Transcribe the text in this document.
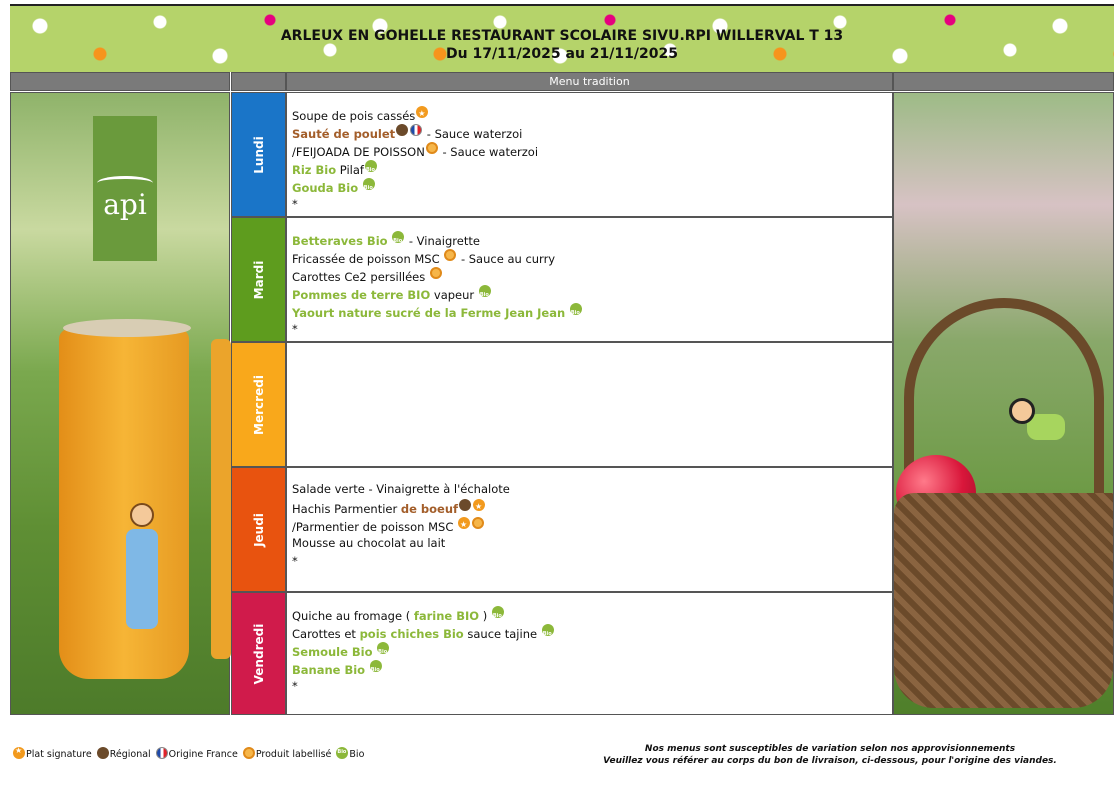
ARLEUX EN GOHELLE RESTAURANT SCOLAIRE SIVU.RPI WILLERVAL T 13
Du 17/11/2025 au 21/11/2025
Menu tradition
api
Lundi
Soupe de pois cassés★
Sauté de poulet - Sauce waterzoi
/FEIJOADA DE POISSON - Sauce waterzoi
Riz Bio PilafBio
Gouda Bio Bio
*
Mardi
Betteraves Bio Bio - Vinaigrette
Fricassée de poisson MSC  - Sauce au curry
Carottes Ce2 persillées
Pommes de terre BIO vapeur Bio
Yaourt nature sucré de la Ferme Jean Jean Bio
*
Mercredi
Jeudi
Salade verte - Vinaigrette à l'échalote
Hachis Parmentier de boeuf★
/Parmentier de poisson MSC ★
Mousse au chocolat au lait
*
Vendredi
Quiche au fromage ( farine BIO ) Bio
Carottes et pois chiches Bio sauce tajine Bio
Semoule Bio Bio
Banane Bio Bio
*
★Plat signature Régional Origine France Produit labelliséBio Bio	Nos menus sont susceptibles de variation selon nos approvisionnements
Veuillez vous référer au corps du bon de livraison, ci-dessous, pour l'origine des viandes.
